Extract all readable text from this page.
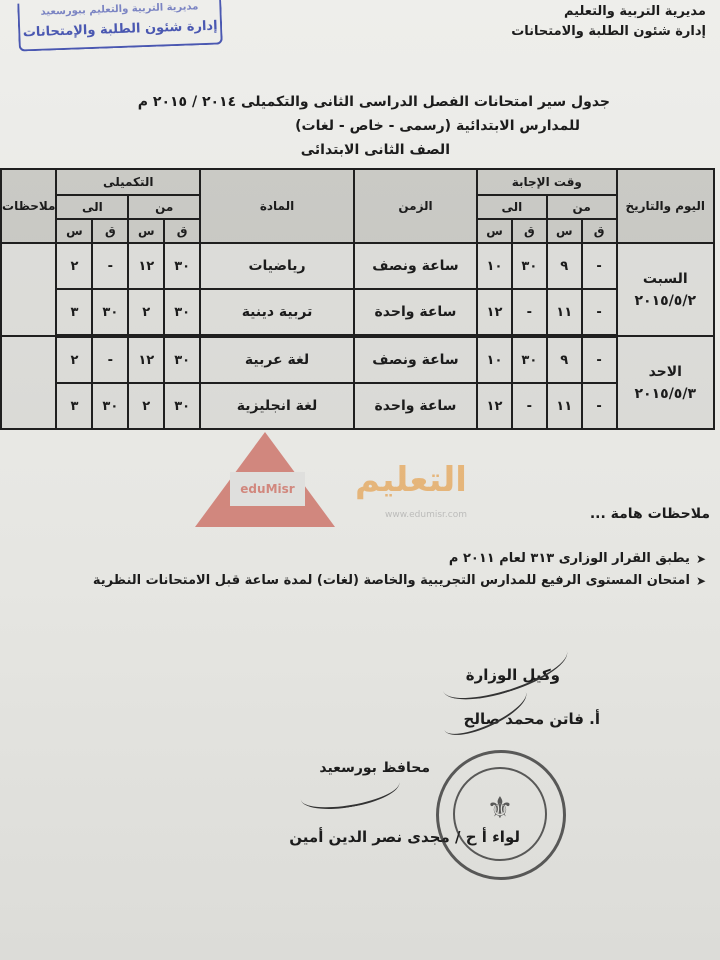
مديرية التربية والتعليم ببورسعيد
إدارة شئون الطلبة والإمتحانات
مديرية التربية والتعليم
إدارة شئون الطلبة والامتحانات
جدول سير امتحانات الفصل الدراسى الثانى والتكميلى ٢٠١٤ / ٢٠١٥ م
للمدارس الابتدائية (رسمى - خاص - لغات)
الصف الثانى الابتدائى
اليوم والتاريخ	وقت الإجابة				الزمن	المادة	التكميلى				ملاحظات
	من		الى				من		الى		
	ق	س	ق	س			ق	س	ق	س	

السبت
٢٠١٥/٥/٢	-	٩	٣٠	١٠	ساعة ونصف	رياضيات	٣٠	١٢	-	٢	
	-	١١	-	١٢	ساعة واحدة	تربية دينية	٣٠	٢	٣٠	٣	

الاحد
٢٠١٥/٥/٣	-	٩	٣٠	١٠	ساعة ونصف	لغة عربية	٣٠	١٢	-	٢	
	-	١١	-	١٢	ساعة واحدة	لغة انجليزية	٣٠	٢	٣٠	٣	
eduMisr	التعليم
www.edumisr.com	ملاحظات هامة ...
➤
يطبق القرار الوزارى ٣١٣ لعام ٢٠١١ م
➤
امتحان المستوى الرفيع للمدارس التجريبية والخاصة (لغات) لمدة ساعة قبل الامتحانات النظرية
وكيل الوزارة
أ. فاتن محمد صالح
محافظ بورسعيد
لواء أ ح / مجدى نصر الدين أمين
⚜
